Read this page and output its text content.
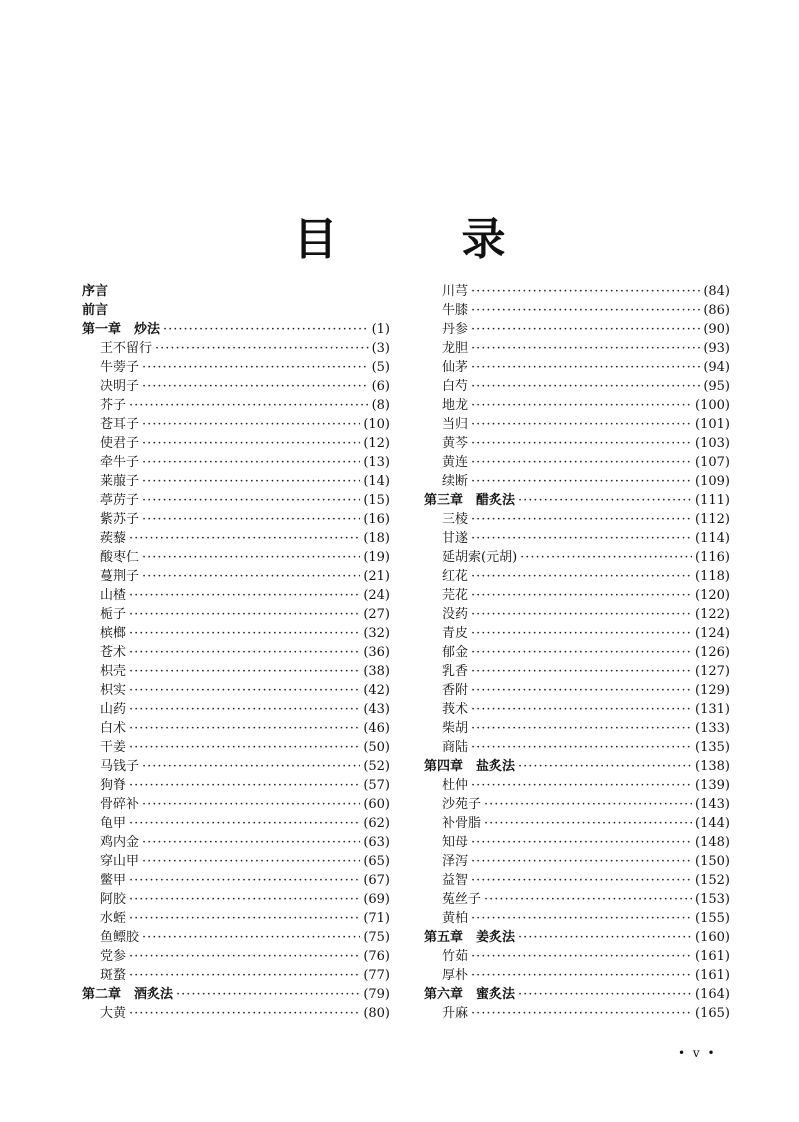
目　录
序言
前言
第一章　炒法 ·····	(1)
王不留行 ·····	(3)
牛蒡子 ·····	(5)
决明子 ·····	(6)
芥子 ·····	(8)
苍耳子 ·····	(10)
使君子 ·····	(12)
牵牛子 ·····	(13)
莱菔子 ·····	(14)
葶苈子 ·····	(15)
紫苏子 ·····	(16)
蒺藜 ·····	(18)
酸枣仁 ·····	(19)
蔓荆子 ·····	(21)
山楂 ·····	(24)
栀子 ·····	(27)
槟榔 ·····	(32)
苍术 ·····	(36)
枳壳 ·····	(38)
枳实 ·····	(42)
山药 ·····	(43)
白术 ·····	(46)
干姜 ·····	(50)
马钱子 ·····	(52)
狗脊 ·····	(57)
骨碎补 ·····	(60)
龟甲 ·····	(62)
鸡内金 ·····	(63)
穿山甲 ·····	(65)
鳖甲 ·····	(67)
阿胶 ·····	(69)
水蛭 ·····	(71)
鱼鳔胶 ·····	(75)
党参 ·····	(76)
斑蝥 ·····	(77)
第二章　酒炙法 ·····	(79)
大黄 ·····	(80)
川芎 ·····	(84)
牛膝 ·····	(86)
丹参 ·····	(90)
龙胆 ·····	(93)
仙茅 ·····	(94)
白芍 ·····	(95)
地龙 ·····	(100)
当归 ·····	(101)
黄芩 ·····	(103)
黄连 ·····	(107)
续断 ·····	(109)
第三章　醋炙法 ·····	(111)
三棱 ·····	(112)
甘遂 ·····	(114)
延胡索(元胡) ·····	(116)
红花 ·····	(118)
芫花 ·····	(120)
没药 ·····	(122)
青皮 ·····	(124)
郁金 ·····	(126)
乳香 ·····	(127)
香附 ·····	(129)
莪术 ·····	(131)
柴胡 ·····	(133)
商陆 ·····	(135)
第四章　盐炙法 ·····	(138)
杜仲 ·····	(139)
沙苑子 ·····	(143)
补骨脂 ·····	(144)
知母 ·····	(148)
泽泻 ·····	(150)
益智 ·····	(152)
菟丝子 ·····	(153)
黄柏 ·····	(155)
第五章　姜炙法 ·····	(160)
竹茹 ·····	(161)
厚朴 ·····	(161)
第六章　蜜炙法 ·····	(164)
升麻 ·····	(165)
• v •
